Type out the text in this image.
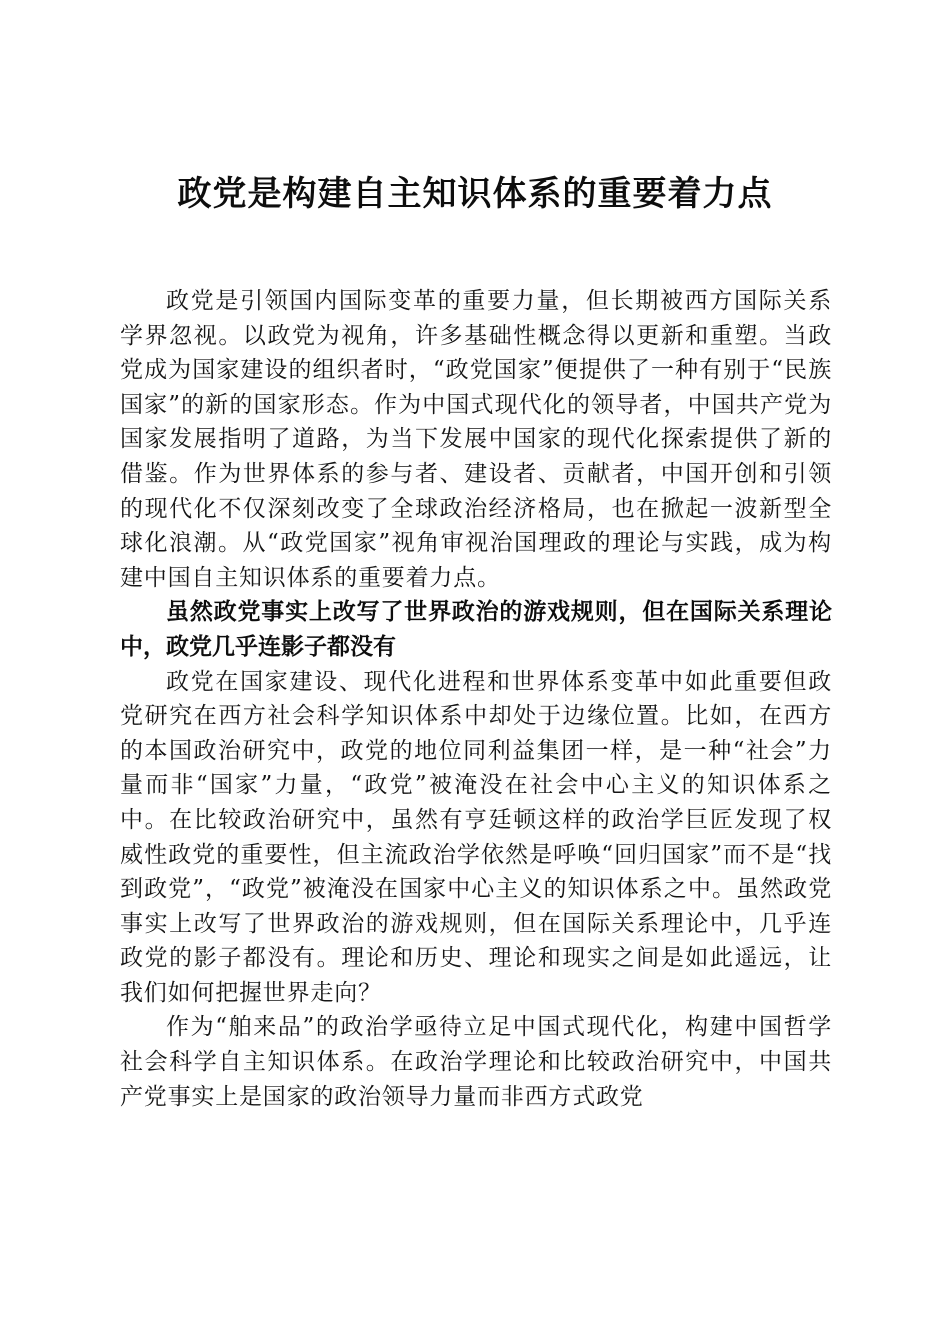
政党是构建自主知识体系的重要着力点

政党是引领国内国际变革的重要力量，但长期被西方国际关系学界忽视。以政党为视角，许多基础性概念得以更新和重塑。当政党成为国家建设的组织者时，“政党国家”便提供了一种有别于“民族国家”的新的国家形态。作为中国式现代化的领导者，中国共产党为国家发展指明了道路，为当下发展中国家的现代化探索提供了新的借鉴。作为世界体系的参与者、建设者、贡献者，中国开创和引领的现代化不仅深刻改变了全球政治经济格局，也在掀起一波新型全球化浪潮。从“政党国家”视角审视治国理政的理论与实践，成为构建中国自主知识体系的重要着力点。

虽然政党事实上改写了世界政治的游戏规则，但在国际关系理论中，政党几乎连影子都没有

政党在国家建设、现代化进程和世界体系变革中如此重要但政党研究在西方社会科学知识体系中却处于边缘位置。比如，在西方的本国政治研究中，政党的地位同利益集团一样，是一种“社会”力量而非“国家”力量，“政党”被淹没在社会中心主义的知识体系之中。在比较政治研究中，虽然有亨廷顿这样的政治学巨匠发现了权威性政党的重要性，但主流政治学依然是呼唤“回归国家”而不是“找到政党”，“政党”被淹没在国家中心主义的知识体系之中。虽然政党事实上改写了世界政治的游戏规则，但在国际关系理论中，几乎连政党的影子都没有。理论和历史、理论和现实之间是如此遥远，让我们如何把握世界走向？

作为“舶来品”的政治学亟待立足中国式现代化，构建中国哲学社会科学自主知识体系。在政治学理论和比较政治研究中，中国共产党事实上是国家的政治领导力量而非西方式政党
